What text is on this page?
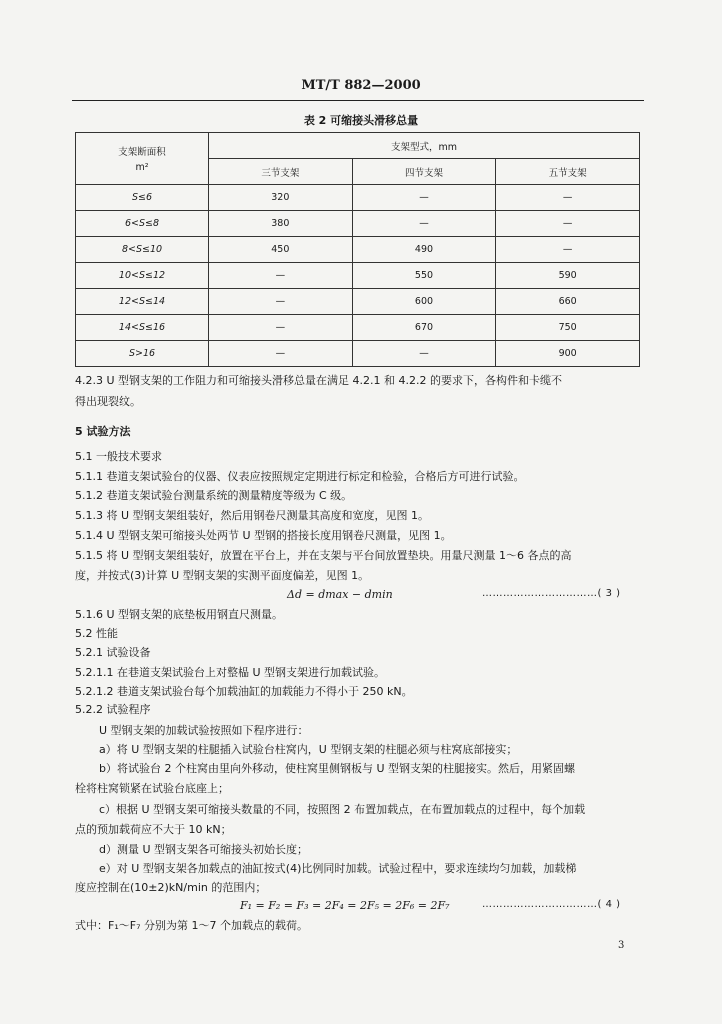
MT/T 882—2000
表 2 可缩接头滑移总量
支架断面积
m²	支架型式，mm		
	三节支架	四节支架	五节支架
S≤6	320	—	—
6<S≤8	380	—	—
8<S≤10	450	490	—
10<S≤12	—	550	590
12<S≤14	—	600	660
14<S≤16	—	670	750
S>16	—	—	900
4.2.3 U 型钢支架的工作阻力和可缩接头滑移总量在满足 4.2.1 和 4.2.2 的要求下，各构件和卡缆不
得出现裂纹。
5 试验方法
5.1 一般技术要求
5.1.1 巷道支架试验台的仪器、仪表应按照规定定期进行标定和检验，合格后方可进行试验。
5.1.2 巷道支架试验台测量系统的测量精度等级为 C 级。
5.1.3 将 U 型钢支架组装好，然后用钢卷尺测量其高度和宽度，见图 1。
5.1.4 U 型钢支架可缩接头处两节 U 型钢的搭接长度用钢卷尺测量，见图 1。
5.1.5 将 U 型钢支架组装好，放置在平台上，并在支架与平台间放置垫块。用量尺测量 1～6 各点的高
度，并按式(3)计算 U 型钢支架的实测平面度偏差，见图 1。
Δd = dmax − dmin	……………………………( 3 )
5.1.6 U 型钢支架的底垫板用钢直尺测量。
5.2 性能
5.2.1 试验设备
5.2.1.1 在巷道支架试验台上对整榀 U 型钢支架进行加载试验。
5.2.1.2 巷道支架试验台每个加载油缸的加载能力不得小于 250 kN。
5.2.2 试验程序
U 型钢支架的加载试验按照如下程序进行：
a）将 U 型钢支架的柱腿插入试验台柱窝内，U 型钢支架的柱腿必须与柱窝底部接实；
b）将试验台 2 个柱窝由里向外移动，使柱窝里侧钢板与 U 型钢支架的柱腿接实。然后，用紧固螺
栓将柱窝锁紧在试验台底座上；
c）根据 U 型钢支架可缩接头数量的不同，按照图 2 布置加载点，在布置加载点的过程中，每个加载
点的预加载荷应不大于 10 kN；
d）测量 U 型钢支架各可缩接头初始长度；
e）对 U 型钢支架各加载点的油缸按式(4)比例同时加载。试验过程中，要求连续均匀加载，加载梯
度应控制在(10±2)kN/min 的范围内；
F₁ = F₂ = F₃ = 2F₄ = 2F₅ = 2F₆ = 2F₇	……………………………( 4 )
式中：F₁～F₇ 分别为第 1～7 个加载点的载荷。
3
